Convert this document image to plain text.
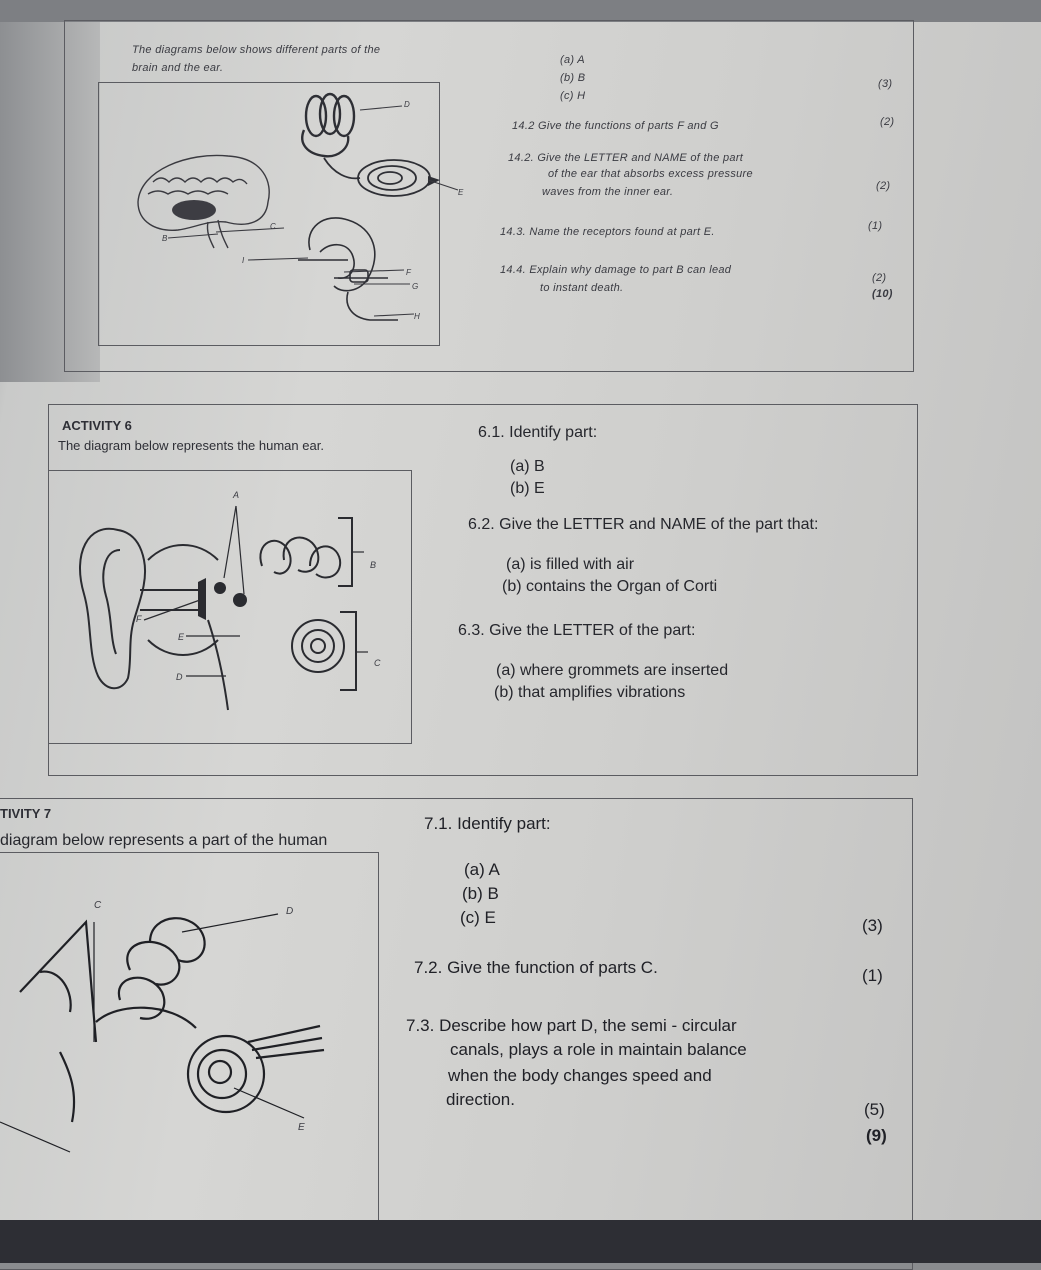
The diagrams below shows different parts of the
brain and the ear.
D
E
C
B
I
F
G
H
(a) A
(b) B
(c) H
(3)
14.2 Give the functions of parts F and G	(2)
14.2. Give the LETTER and NAME of the part
of the ear that absorbs excess pressure
waves from the inner ear.	(2)
14.3. Name the receptors found at part E.	(1)
14.4. Explain why damage to part B can lead
to instant death.
(2)
(10)
ACTIVITY 6
The diagram below represents the human ear.
A
B
C
D
E
F
6.1. Identify part:
(a) B
(b) E
6.2. Give the LETTER and NAME of the part that:
(a) is filled with air
(b) contains the Organ of Corti
6.3. Give the LETTER of the part:
(a) where grommets are inserted
(b) that amplifies vibrations
TIVITY 7
diagram below represents a part of the human
C
D
E
7.1. Identify part:
(a) A
(b) B
(c) E	(3)
7.2. Give the function of parts C.	(1)
7.3. Describe how part D, the semi - circular
canals, plays a role in maintain balance
when the body changes speed and
direction.
(5)
(9)
